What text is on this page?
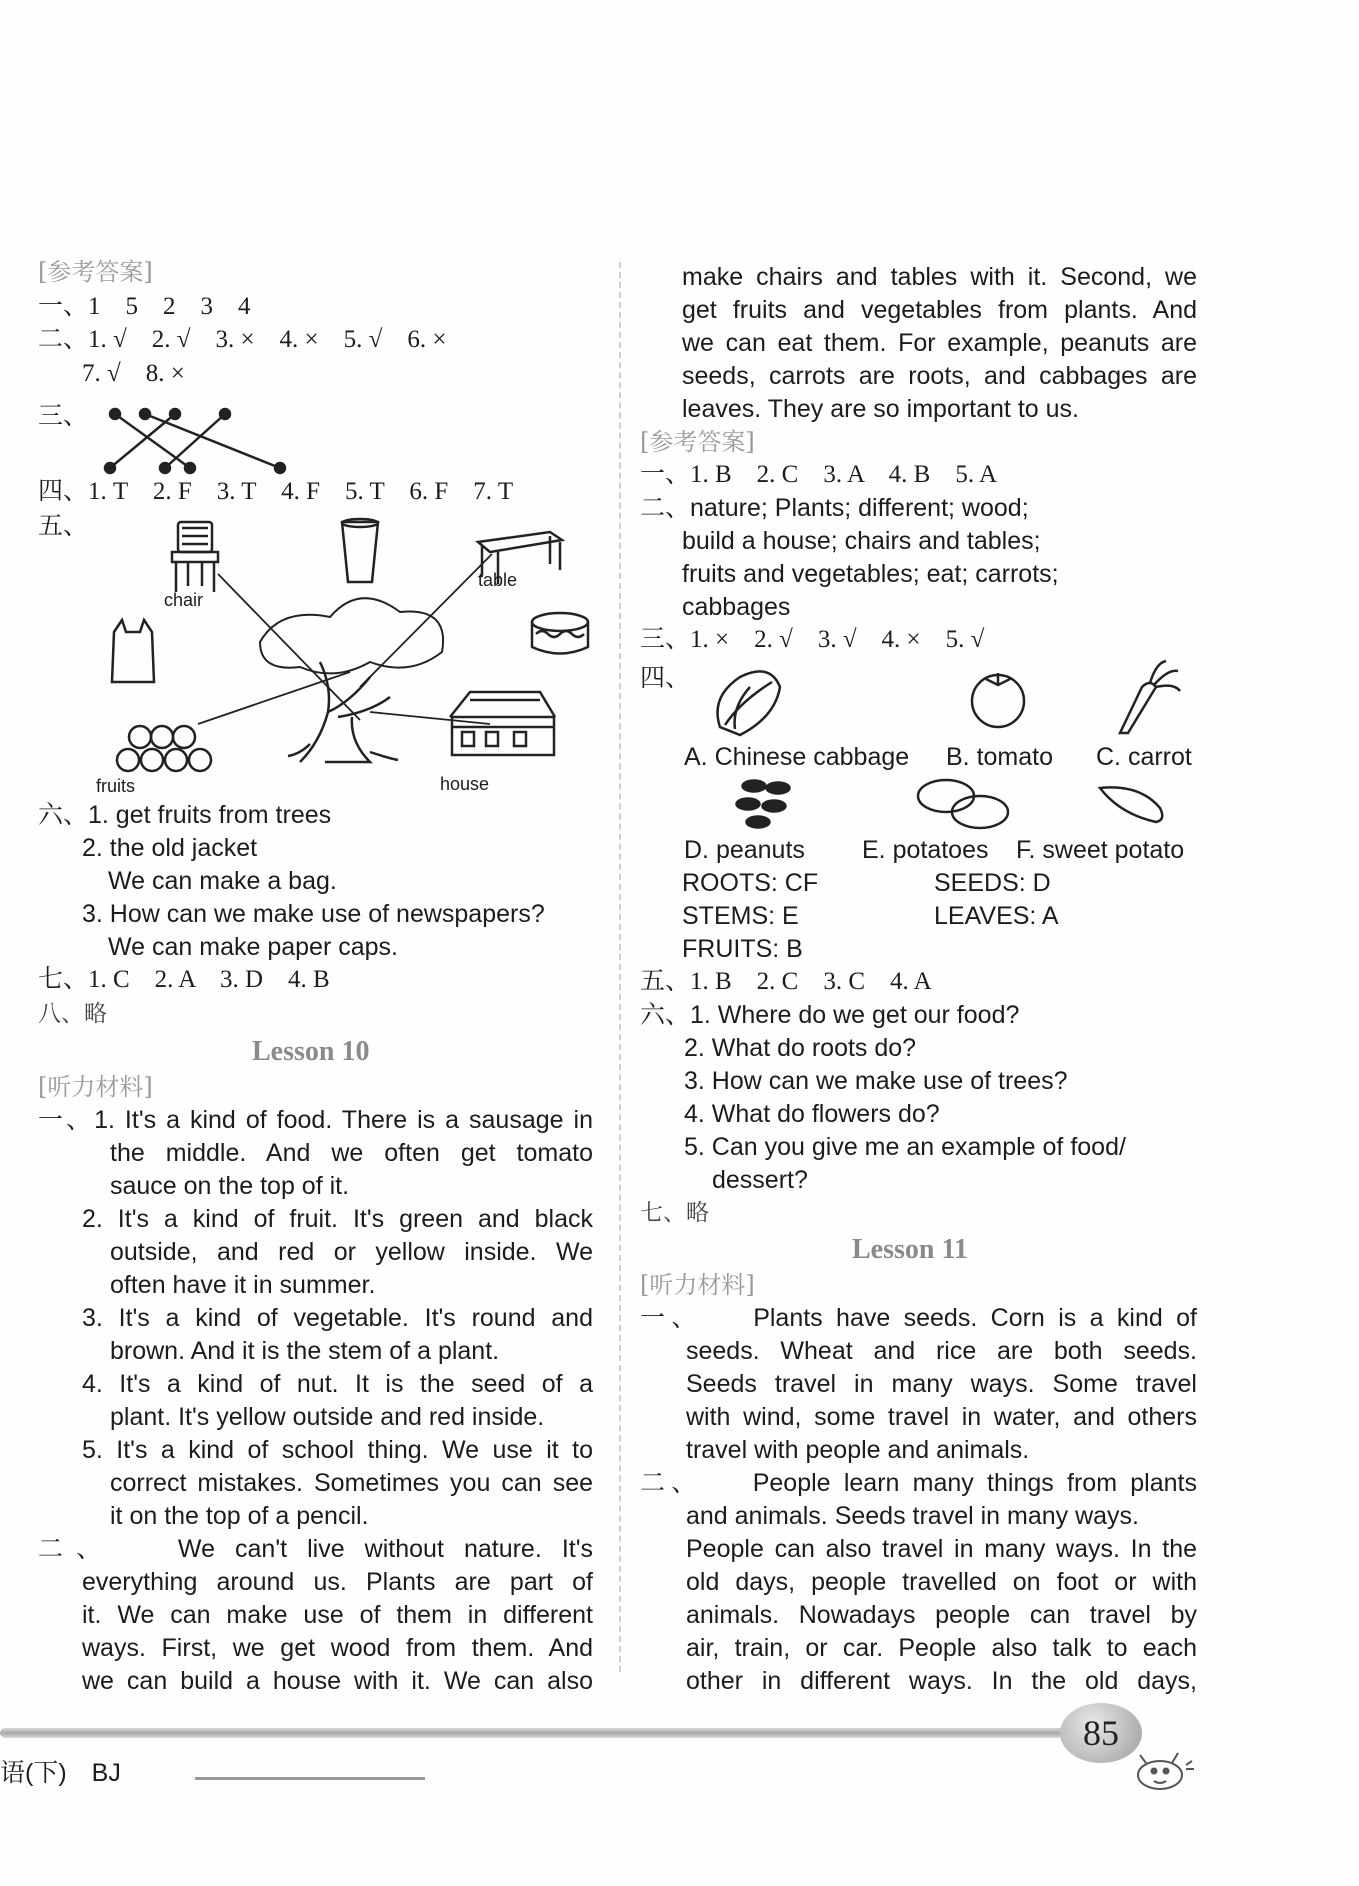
[参考答案]
一、1　5　2　3　4
二、1. √　2. √　3. ×　4. ×　5. √　6. ×
7. √　8. ×
三、
四、1. T　2. F　3. T　4. F　5. T　6. F　7. T
五、
chair
table
fruits	house
六、1. get fruits from trees
2. the old jacket
We can make a bag.
3. How can we make use of newspapers?
We can make paper caps.
七、1. C　2. A　3. D　4. B
八、略
Lesson 10
[听力材料]
一、1. It's a kind of food. There is a sausage in
the middle. And we often get tomato
sauce on the top of it.
2. It's a kind of fruit. It's green and black
outside, and red or yellow inside. We
often have it in summer.
3. It's a kind of vegetable. It's round and
brown. And it is the stem of a plant.
4. It's a kind of nut. It is the seed of a
plant. It's yellow outside and red inside.
5. It's a kind of school thing. We use it to
correct mistakes. Sometimes you can see
it on the top of a pencil.
二、　　We can't live without nature. It's
everything around us. Plants are part of
it. We can make use of them in different
ways. First, we get wood from them. And
we can build a house with it. We can also
make chairs and tables with it. Second, we
get fruits and vegetables from plants. And
we can eat them. For example, peanuts are
seeds, carrots are roots, and cabbages are
leaves. They are so important to us.
[参考答案]
一、1. B　2. C　3. A　4. B　5. A
二、nature; Plants; different; wood;
build a house; chairs and tables;
fruits and vegetables; eat; carrots;
cabbages
三、1. ×　2. √　3. √　4. ×　5. √
四、
A. Chinese cabbage B. tomato C. carrot
D. peanuts E. potatoes F. sweet potato
ROOTS: CF	SEEDS: D
STEMS: E	LEAVES: A
FRUITS: B
五、1. B　2. C　3. C　4. A
六、1. Where do we get our food?
2. What do roots do?
3. How can we make use of trees?
4. What do flowers do?
5. Can you give me an example of food/
dessert?
七、略
Lesson 11
[听力材料]
一、　　Plants have seeds. Corn is a kind of
seeds. Wheat and rice are both seeds.
Seeds travel in many ways. Some travel
with wind, some travel in water, and others
travel with people and animals.
二、　　People learn many things from plants
and animals. Seeds travel in many ways.
People can also travel in many ways. In the
old days, people travelled on foot or with
animals. Nowadays people can travel by
air, train, or car. People also talk to each
other in different ways. In the old days,
语(下)　BJ
85
